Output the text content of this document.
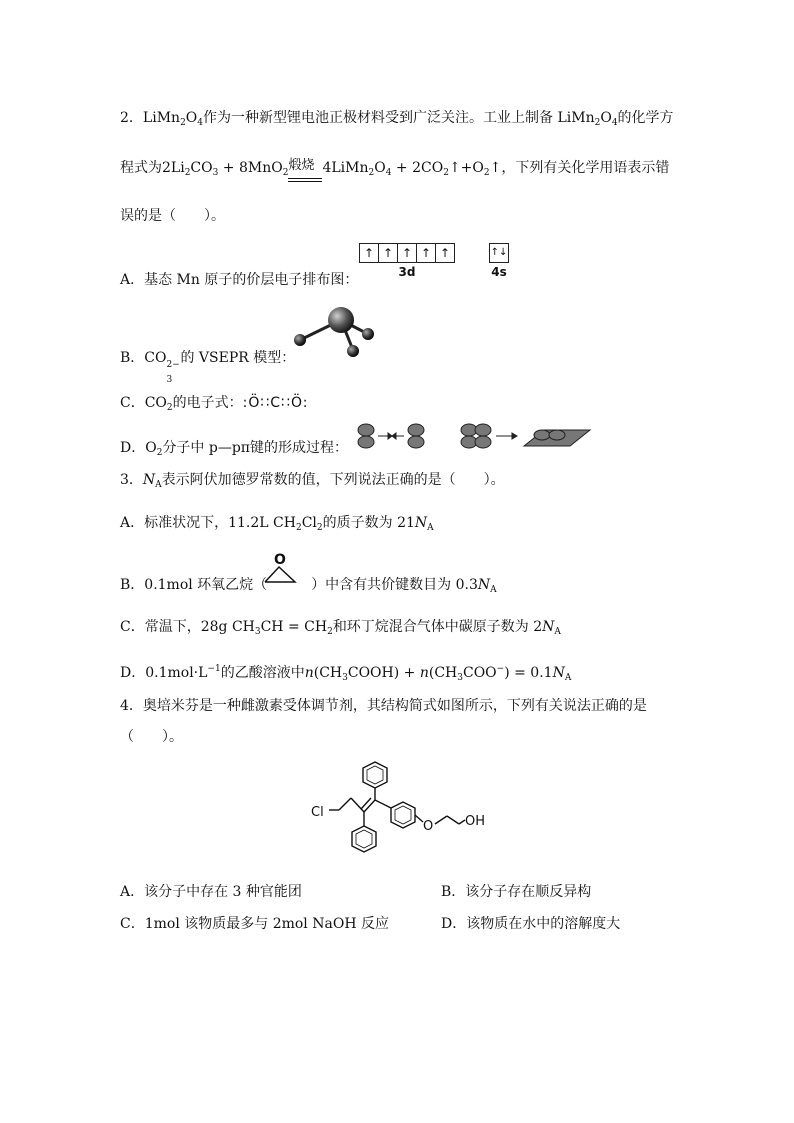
2．$LiMn_2O_4$作为一种新型锂电池正极材料受到广泛关注。工业上制备 $LiMn_2O_4$的化学方
程式为$2Li_2CO_3 + 8MnO_2$ 煅烧 $4LiMn_2O_4$ + $2CO_2↑+O_2↑$，下列有关化学用语表示错
误的是（　　）。
A．基态 Mn 原子的价层电子排布图：
↑ ↑ ↑ ↑ ↑
3d
↑↓
4s
B．CO 2−
3
的 VSEPR 模型：
C．$CO_2$的电子式：:Ö∷C∷Ö:
D．$O_2$分子中 p—pπ键的形成过程：
3．$N_A$表示阿伏加德罗常数的值，下列说法正确的是（　　）。
A．标准状况下，11.2L $CH_2Cl_2$的质子数为 $21N_A$
O
B．0.1mol 环氧乙烷（	）中含有共价键数目为 $0.3N_A$
C．常温下，28g $CH_3CH = CH_2$和环丁烷混合气体中碳原子数为 $2N_A$
D．$0.1mol\cdot L^{-1}$的乙酸溶液中$n(CH_3COOH) + n(CH_3COO^-) = 0.1N_A$
4．奥培米芬是一种雌激素受体调节剂，其结构简式如图所示，下列有关说法正确的是
（　　）。
Cl
O OH
A．该分子中存在 3 种官能团	B．该分子存在顺反异构
C．1mol 该物质最多与 2mol NaOH 反应	D．该物质在水中的溶解度大
